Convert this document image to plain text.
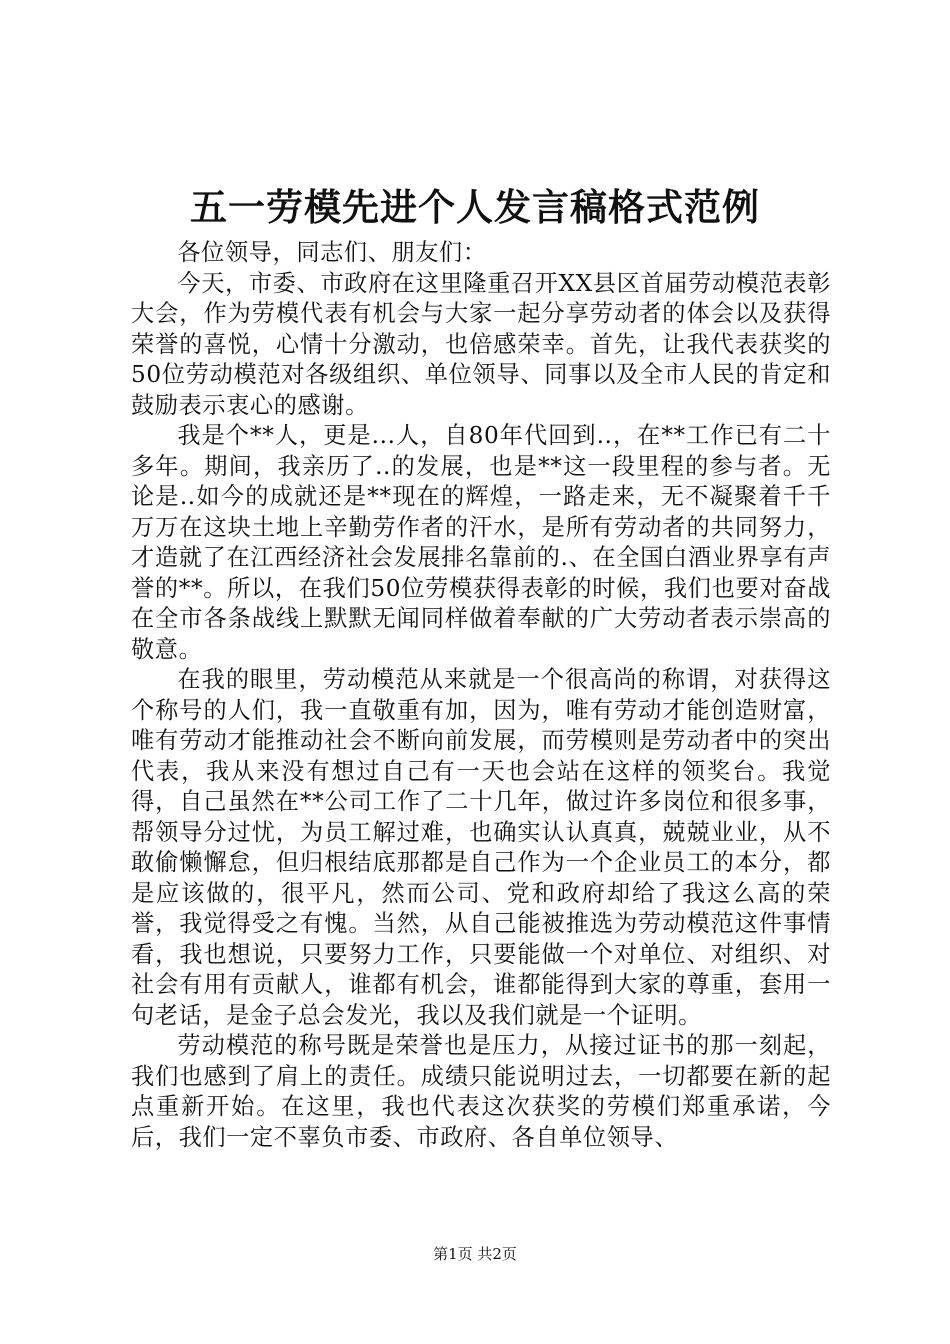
五一劳模先进个人发言稿格式范例

各位领导，同志们、朋友们：

今天，市委、市政府在这里隆重召开XX县区首届劳动模范表彰大会，作为劳模代表有机会与大家一起分享劳动者的体会以及获得荣誉的喜悦，心情十分激动，也倍感荣幸。首先，让我代表获奖的50位劳动模范对各级组织、单位领导、同事以及全市人民的肯定和鼓励表示衷心的感谢。

我是个**人，更是...人，自80年代回到..，在**工作已有二十多年。期间，我亲历了..的发展，也是**这一段里程的参与者。无论是..如今的成就还是**现在的辉煌，一路走来，无不凝聚着千千万万在这块土地上辛勤劳作者的汗水，是所有劳动者的共同努力，才造就了在江西经济社会发展排名靠前的.、在全国白酒业界享有声誉的**。所以，在我们50位劳模获得表彰的时候，我们也要对奋战在全市各条战线上默默无闻同样做着奉献的广大劳动者表示崇高的敬意。

在我的眼里，劳动模范从来就是一个很高尚的称谓，对获得这个称号的人们，我一直敬重有加，因为，唯有劳动才能创造财富，唯有劳动才能推动社会不断向前发展，而劳模则是劳动者中的突出代表，我从来没有想过自己有一天也会站在这样的领奖台。我觉得，自己虽然在**公司工作了二十几年，做过许多岗位和很多事，帮领导分过忧，为员工解过难，也确实认认真真，兢兢业业，从不敢偷懒懈怠，但归根结底那都是自己作为一个企业员工的本分，都是应该做的，很平凡，然而公司、党和政府却给了我这么高的荣誉，我觉得受之有愧。当然，从自己能被推选为劳动模范这件事情看，我也想说，只要努力工作，只要能做一个对单位、对组织、对社会有用有贡献人，谁都有机会，谁都能得到大家的尊重，套用一句老话，是金子总会发光，我以及我们就是一个证明。

劳动模范的称号既是荣誉也是压力，从接过证书的那一刻起，我们也感到了肩上的责任。成绩只能说明过去，一切都要在新的起点重新开始。在这里，我也代表这次获奖的劳模们郑重承诺，今后，我们一定不辜负市委、市政府、各自单位领导、

第1页 共2页
